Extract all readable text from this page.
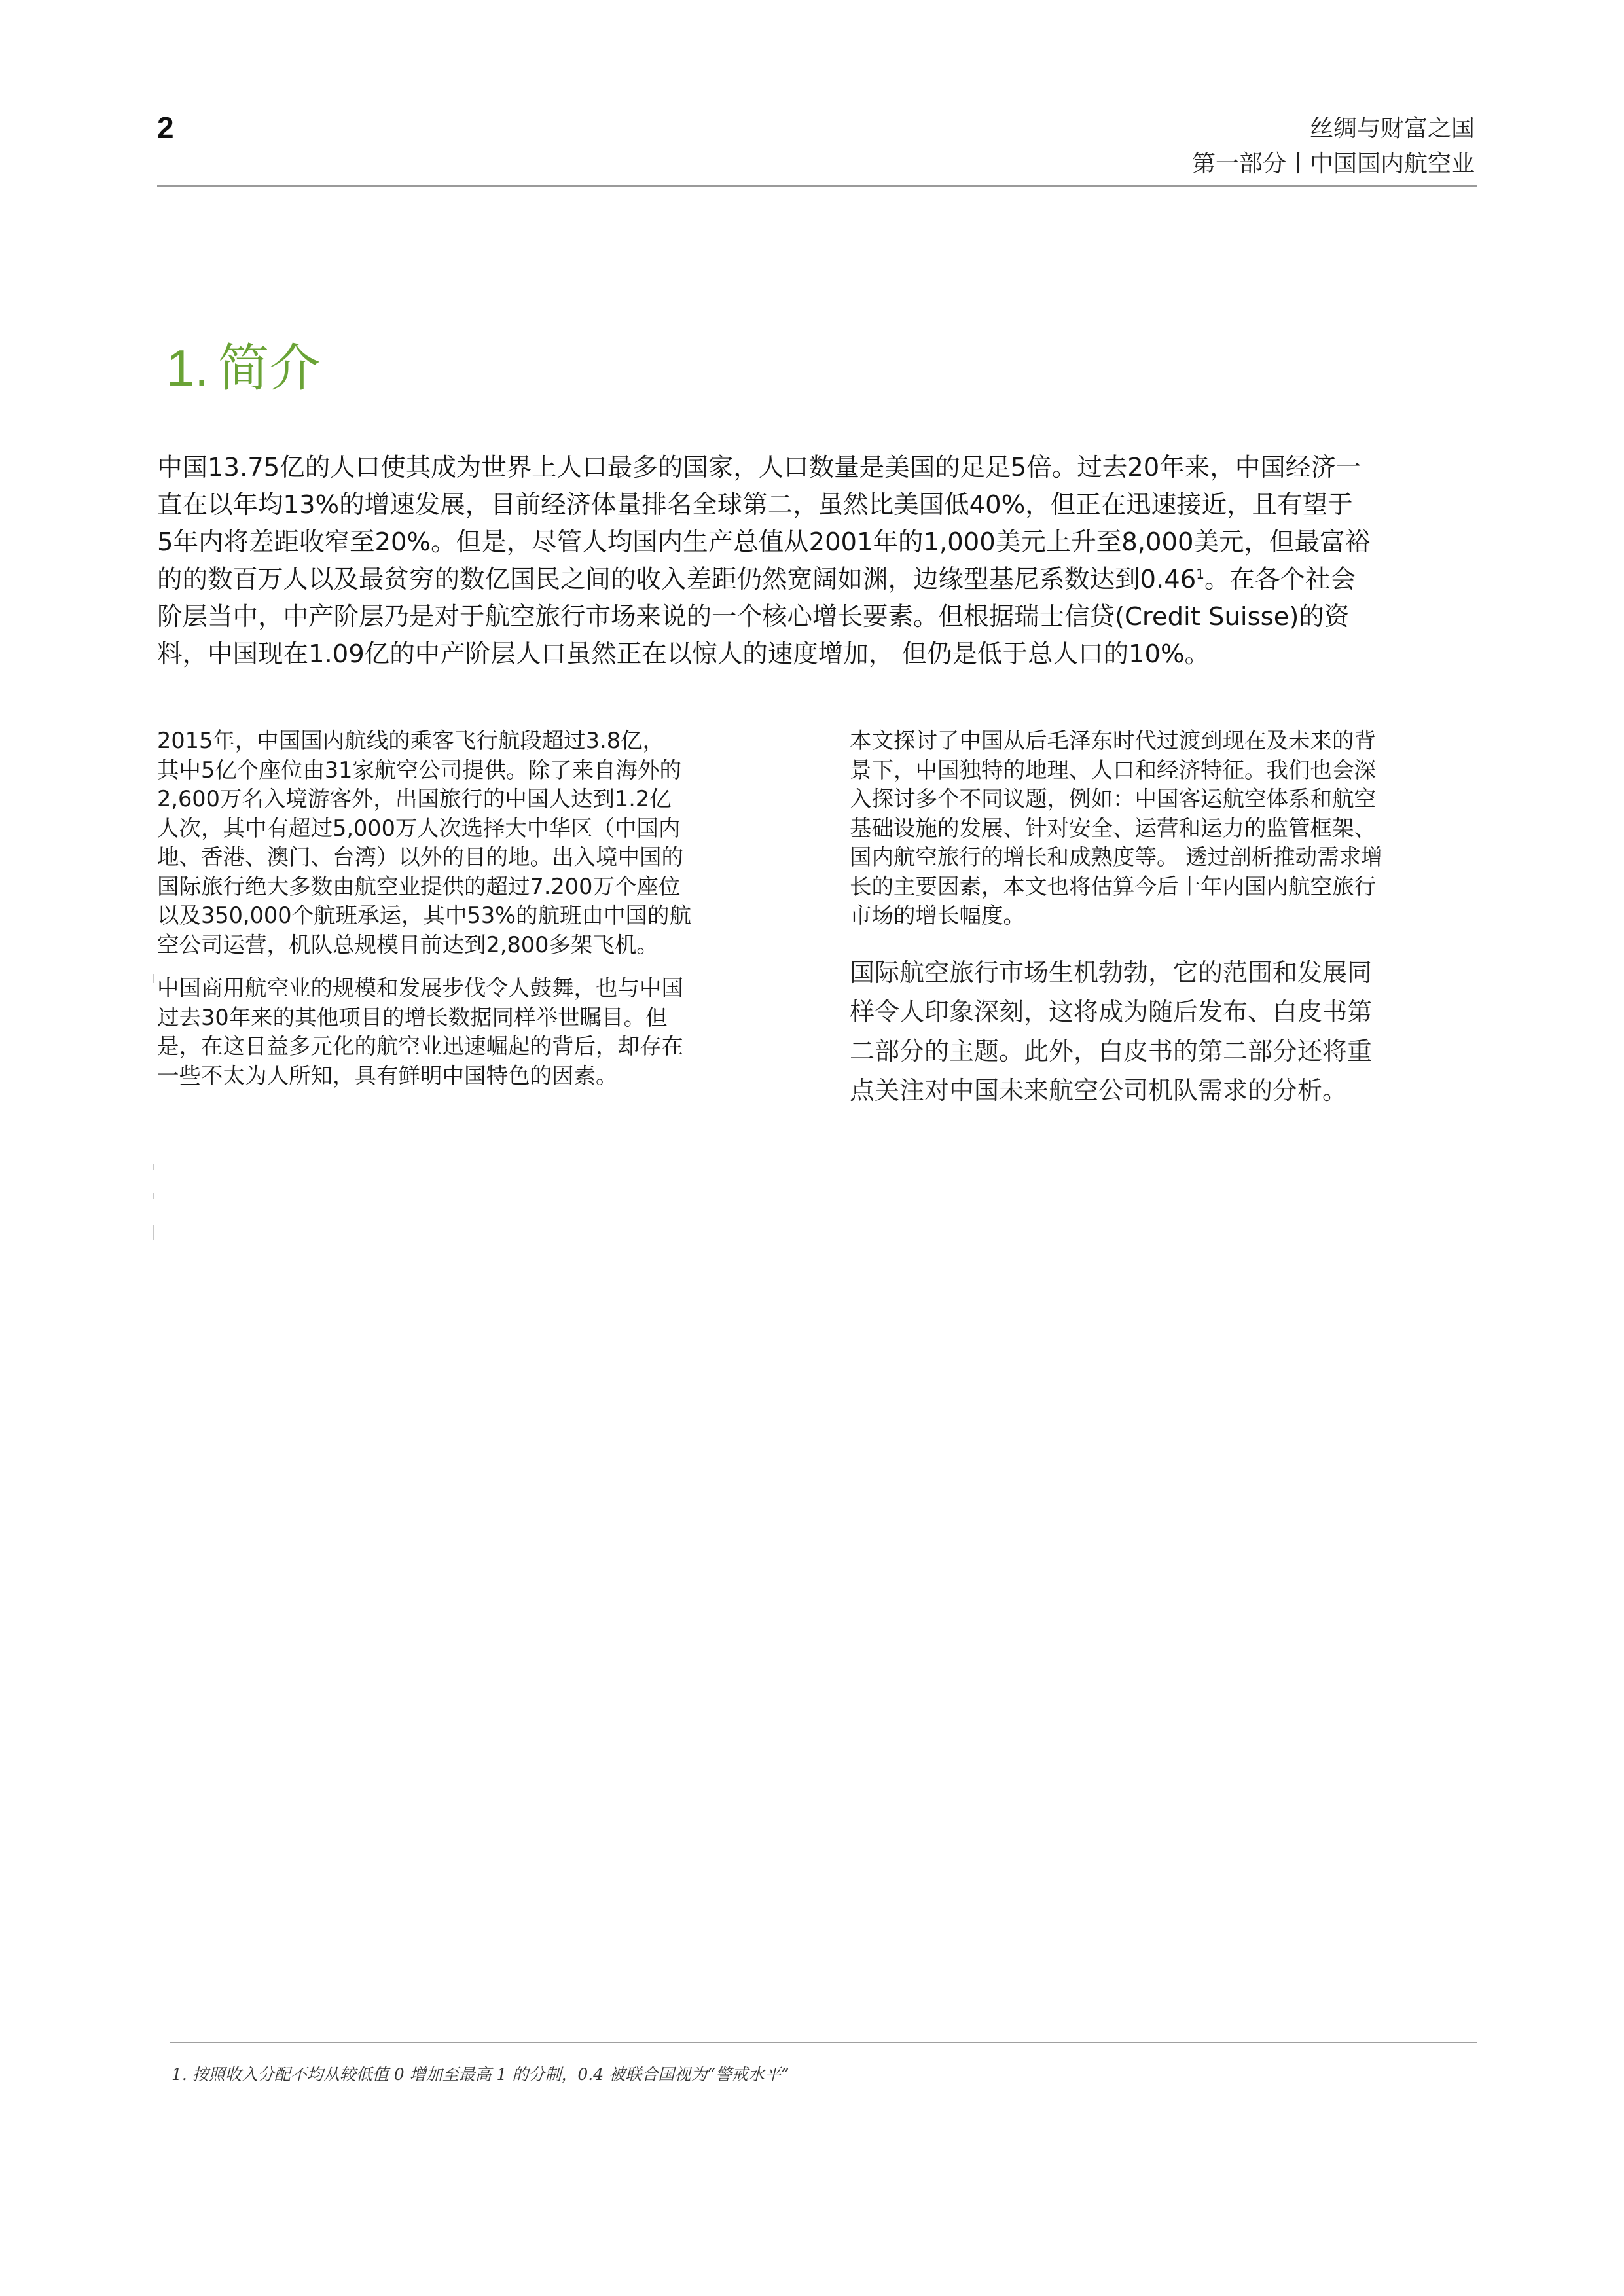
2	丝绸与财富之国
第一部分丨中国国内航空业
1. 简介
中国13.75亿的人口使其成为世界上人口最多的国家，人口数量是美国的足足5倍。过去20年来，中国经济一
直在以年均13%的增速发展，目前经济体量排名全球第二，虽然比美国低40%，但正在迅速接近，且有望于
5年内将差距收窄至20%。但是，尽管人均国内生产总值从2001年的1,000美元上升至8,000美元，但最富裕
的的数百万人以及最贫穷的数亿国民之间的收入差距仍然宽阔如渊，边缘型基尼系数达到0.46$^1$。在各个社会
阶层当中，中产阶层乃是对于航空旅行市场来说的一个核心增长要素。但根据瑞士信贷(Credit Suisse)的资
料，中国现在1.09亿的中产阶层人口虽然正在以惊人的速度增加， 但仍是低于总人口的10%。
2015年，中国国内航线的乘客飞行航段超过3.8亿，
其中5亿个座位由31家航空公司提供。除了来自海外的
2,600万名入境游客外，出国旅行的中国人达到1.2亿
人次，其中有超过5,000万人次选择大中华区（中国内
地、香港、澳门、台湾）以外的目的地。出入境中国的
国际旅行绝大多数由航空业提供的超过7.200万个座位
以及350,000个航班承运，其中53%的航班由中国的航
空公司运营，机队总规模目前达到2,800多架飞机。
中国商用航空业的规模和发展步伐令人鼓舞，也与中国
过去30年来的其他项目的增长数据同样举世瞩目。但
是，在这日益多元化的航空业迅速崛起的背后，却存在
一些不太为人所知，具有鲜明中国特色的因素。
本文探讨了中国从后毛泽东时代过渡到现在及未来的背
景下，中国独特的地理、人口和经济特征。我们也会深
入探讨多个不同议题，例如：中国客运航空体系和航空
基础设施的发展、针对安全、运营和运力的监管框架、
国内航空旅行的增长和成熟度等。 透过剖析推动需求增
长的主要因素，本文也将估算今后十年内国内航空旅行
市场的增长幅度。
国际航空旅行市场生机勃勃，它的范围和发展同
样令人印象深刻，这将成为随后发布、白皮书第
二部分的主题。此外，白皮书的第二部分还将重
点关注对中国未来航空公司机队需求的分析。
1. 按照收入分配不均从较低值 0 增加至最高 1 的分制，0.4 被联合国视为“警戒水平”
